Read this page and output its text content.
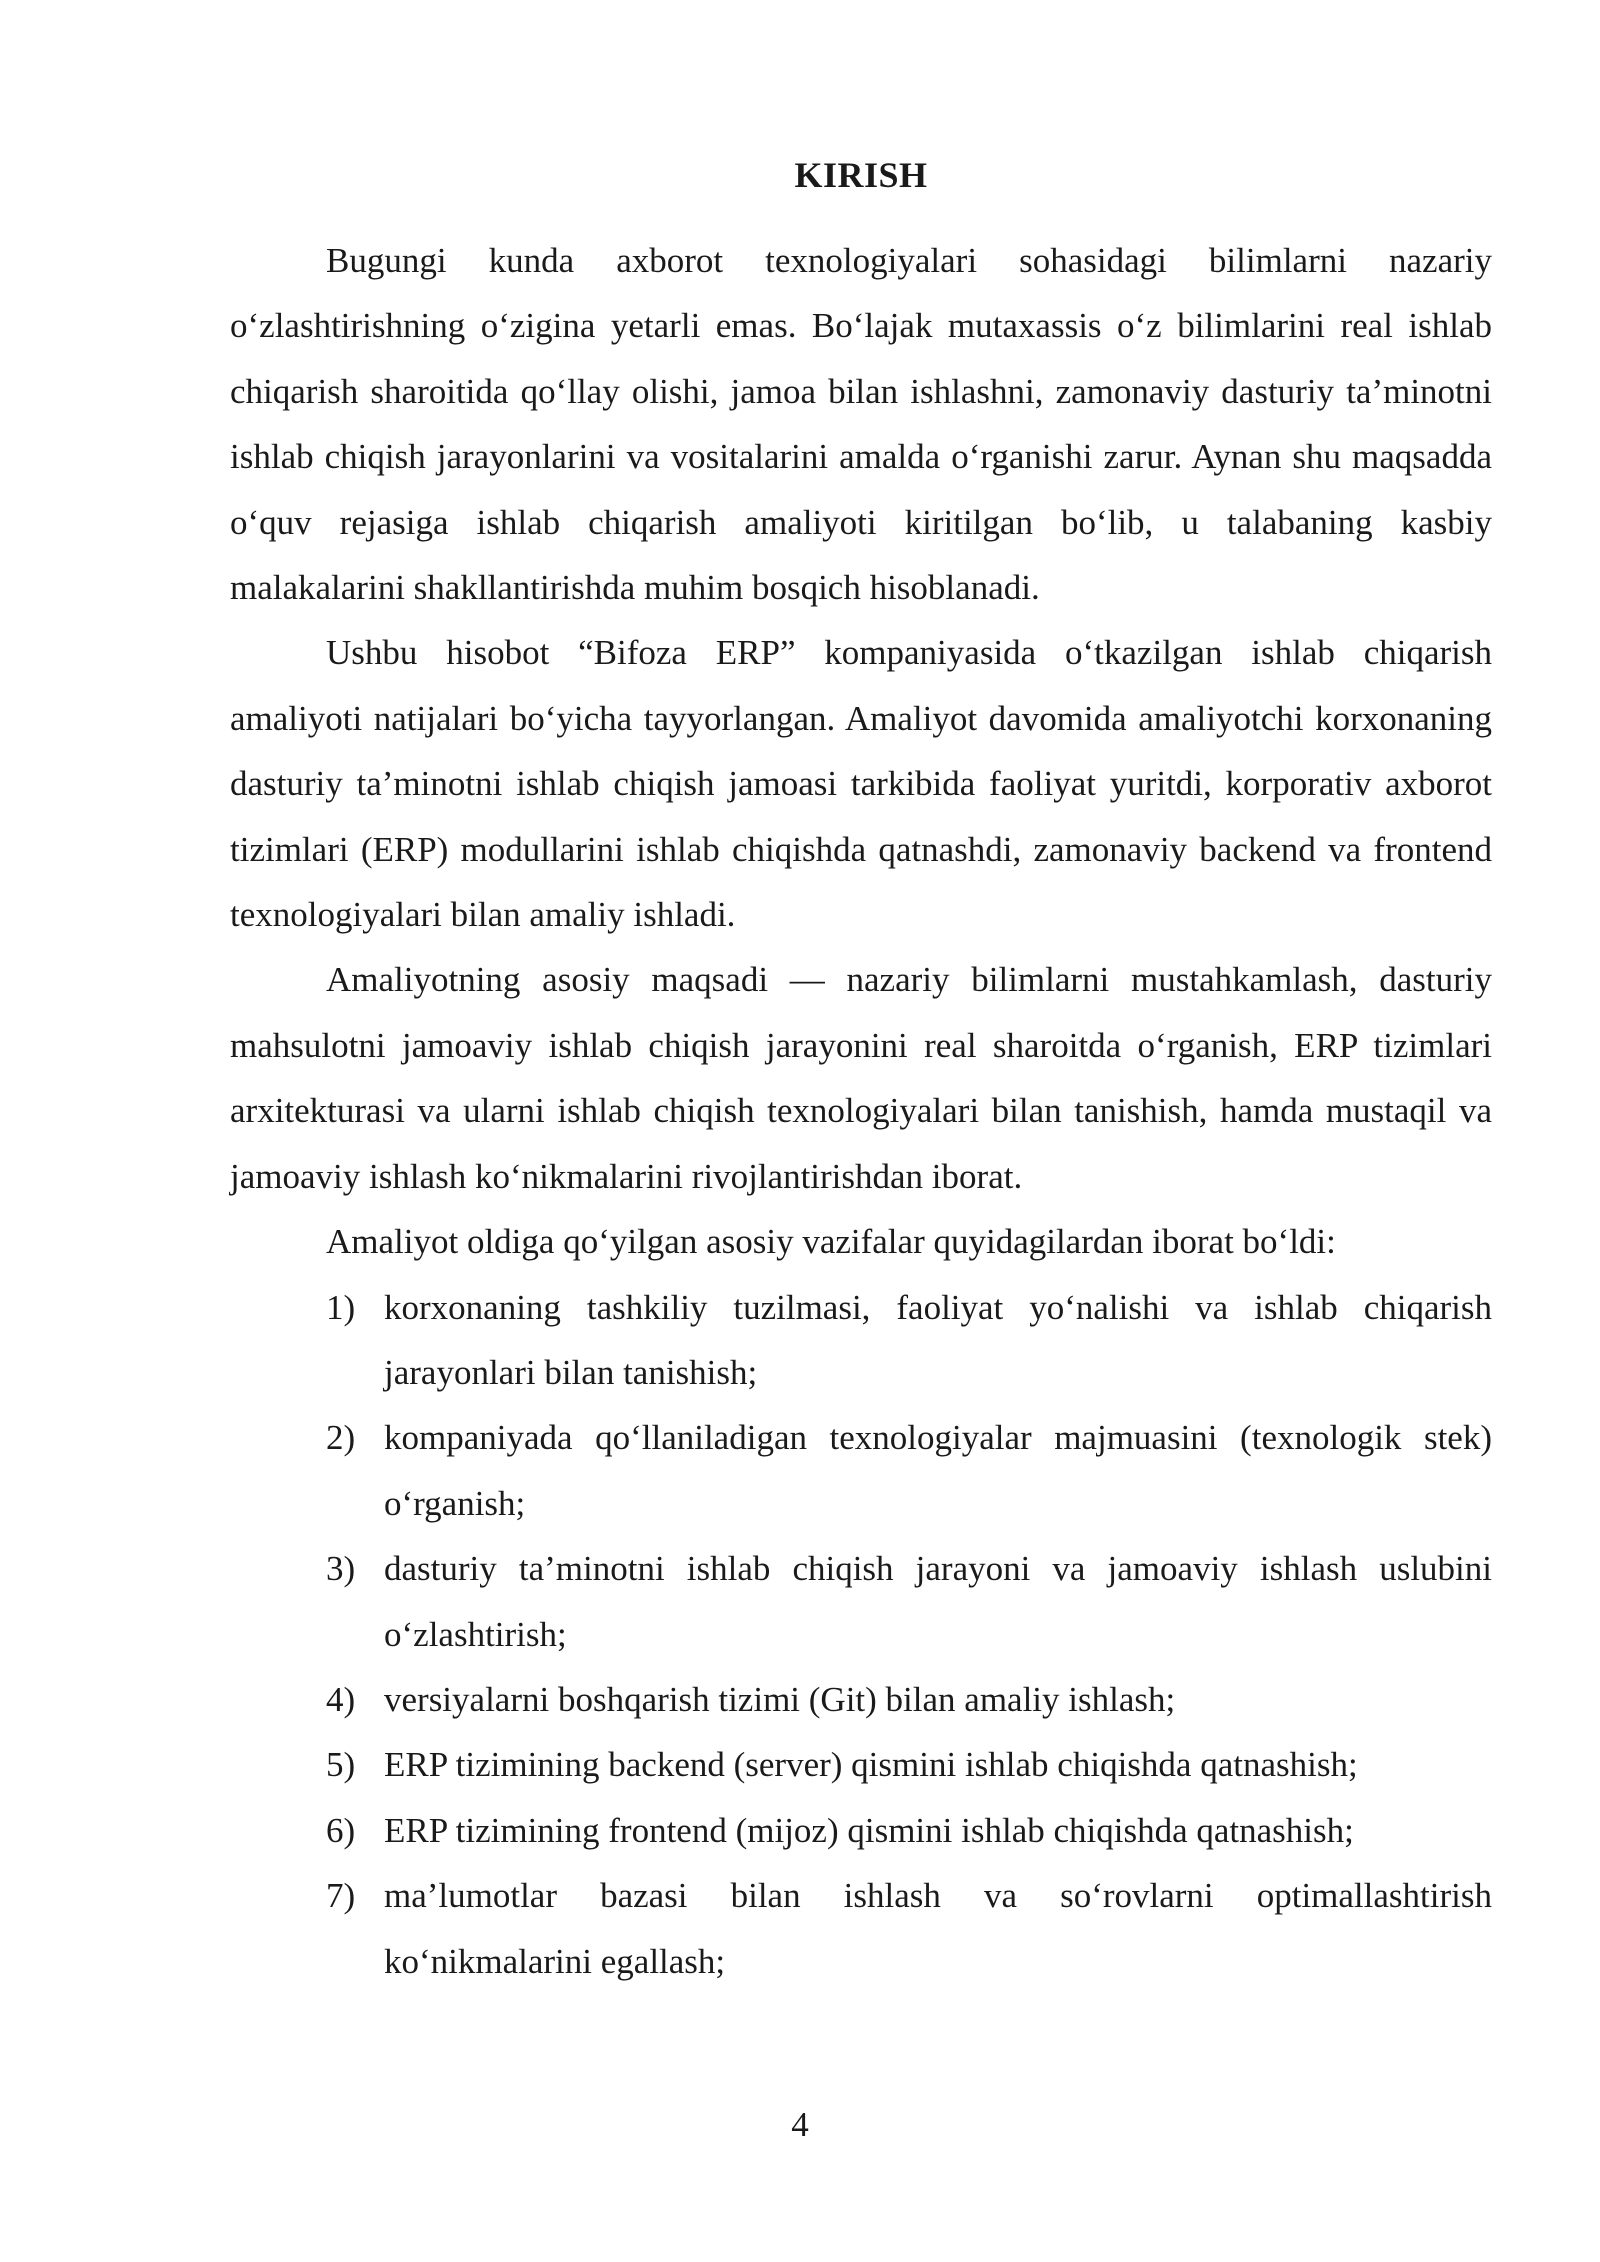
KIRISH

Bugungi kunda axborot texnologiyalari sohasidagi bilimlarni nazariy o‘zlashtirishning o‘zigina yetarli emas. Bo‘lajak mutaxassis o‘z bilimlarini real ishlab chiqarish sharoitida qo‘llay olishi, jamoa bilan ishlashni, zamonaviy dasturiy ta’minotni ishlab chiqish jarayonlarini va vositalarini amalda o‘rganishi zarur. Aynan shu maqsadda o‘quv rejasiga ishlab chiqarish amaliyoti kiritilgan bo‘lib, u talabaning kasbiy malakalarini shakllantirishda muhim bosqich hisoblanadi.

Ushbu hisobot “Bifoza ERP” kompaniyasida o‘tkazilgan ishlab chiqarish amaliyoti natijalari bo‘yicha tayyorlangan. Amaliyot davomida amaliyotchi korxonaning dasturiy ta’minotni ishlab chiqish jamoasi tarkibida faoliyat yuritdi, korporativ axborot tizimlari (ERP) modullarini ishlab chiqishda qatnashdi, zamonaviy backend va frontend texnologiyalari bilan amaliy ishladi.

Amaliyotning asosiy maqsadi — nazariy bilimlarni mustahkamlash, dasturiy mahsulotni jamoaviy ishlab chiqish jarayonini real sharoitda o‘rganish, ERP tizimlari arxitekturasi va ularni ishlab chiqish texnologiyalari bilan tanishish, hamda mustaqil va jamoaviy ishlash ko‘nikmalarini rivojlantirishdan iborat.

Amaliyot oldiga qo‘yilgan asosiy vazifalar quyidagilardan iborat bo‘ldi:

1) korxonaning tashkiliy tuzilmasi, faoliyat yo‘nalishi va ishlab chiqarish jarayonlari bilan tanishish;
2) kompaniyada qo‘llaniladigan texnologiyalar majmuasini (texnologik stek) o‘rganish;
3) dasturiy ta’minotni ishlab chiqish jarayoni va jamoaviy ishlash uslubini o‘zlashtirish;
4) versiyalarni boshqarish tizimi (Git) bilan amaliy ishlash;
5) ERP tizimining backend (server) qismini ishlab chiqishda qatnashish;
6) ERP tizimining frontend (mijoz) qismini ishlab chiqishda qatnashish;
7) ma’lumotlar bazasi bilan ishlash va so‘rovlarni optimallashtirish ko‘nikmalarini egallash;
4
